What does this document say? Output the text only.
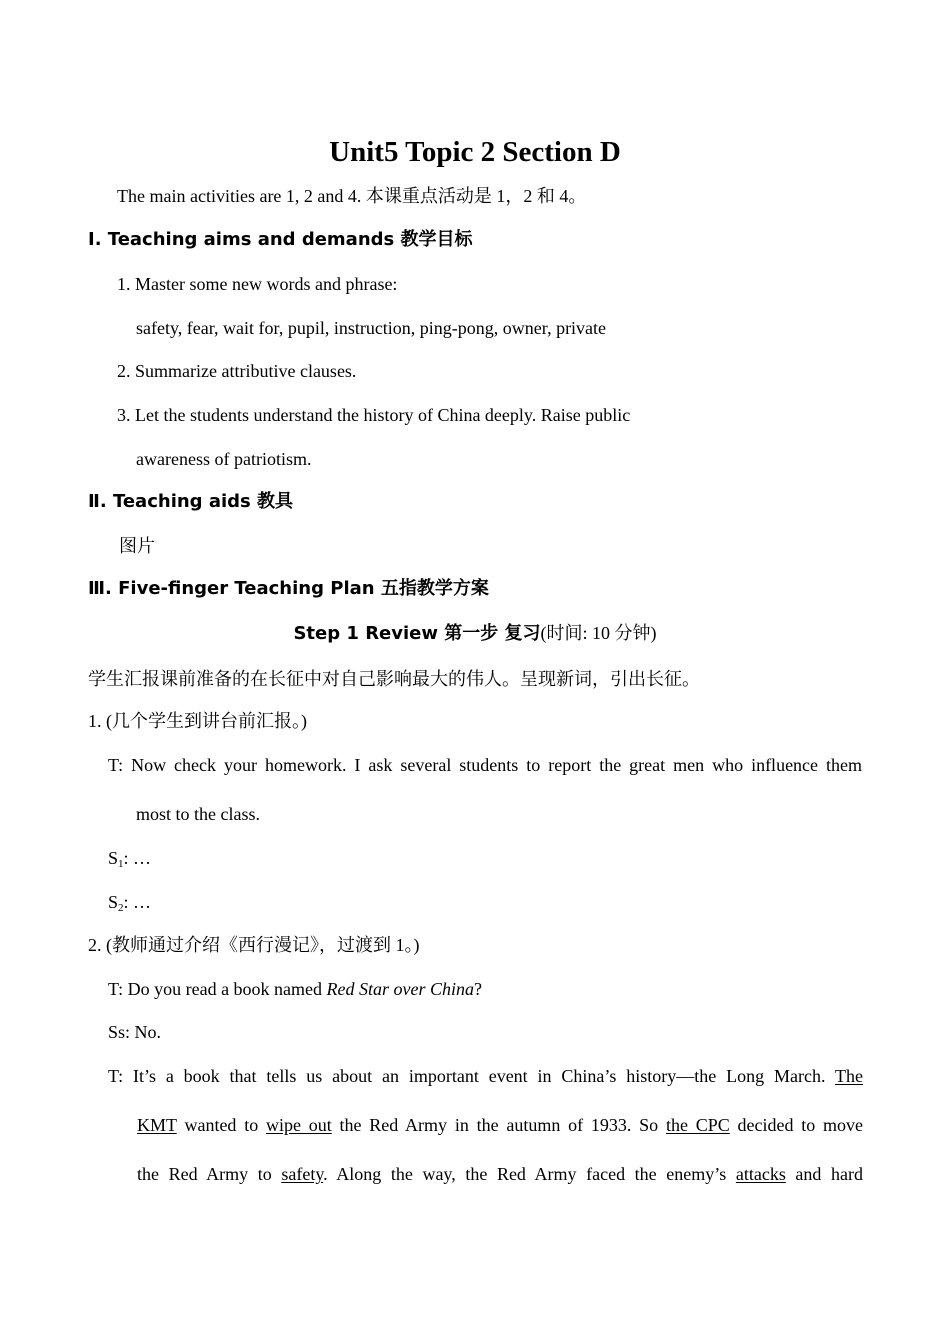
Unit5 Topic 2 Section D
The main activities are 1, 2 and 4. 本课重点活动是 1，2 和 4。
Ⅰ. Teaching aims and demands 教学目标
1. Master some new words and phrase:
safety, fear, wait for, pupil, instruction, ping-pong, owner, private
2. Summarize attributive clauses.
3. Let the students understand the history of China deeply. Raise public
awareness of patriotism.
Ⅱ. Teaching aids 教具
图片
Ⅲ. Five-finger Teaching Plan 五指教学方案
Step 1 Review 第一步 复习(时间: 10 分钟)
学生汇报课前准备的在长征中对自己影响最大的伟人。呈现新词，引出长征。
1. (几个学生到讲台前汇报。)
T: Now check your homework. I ask several students to report the great men who influence them
most to the class.
$S_1$: …
$S_2$: …
2. (教师通过介绍《西行漫记》，过渡到 1。)
T: Do you read a book named Red Star over China?
Ss: No.
T: It’s a book that tells us about an important event in China’s history—the Long March. The
KMT wanted to wipe out the Red Army in the autumn of 1933. So the CPC decided to move
the Red Army to safety. Along the way, the Red Army faced the enemy’s attacks and hard
